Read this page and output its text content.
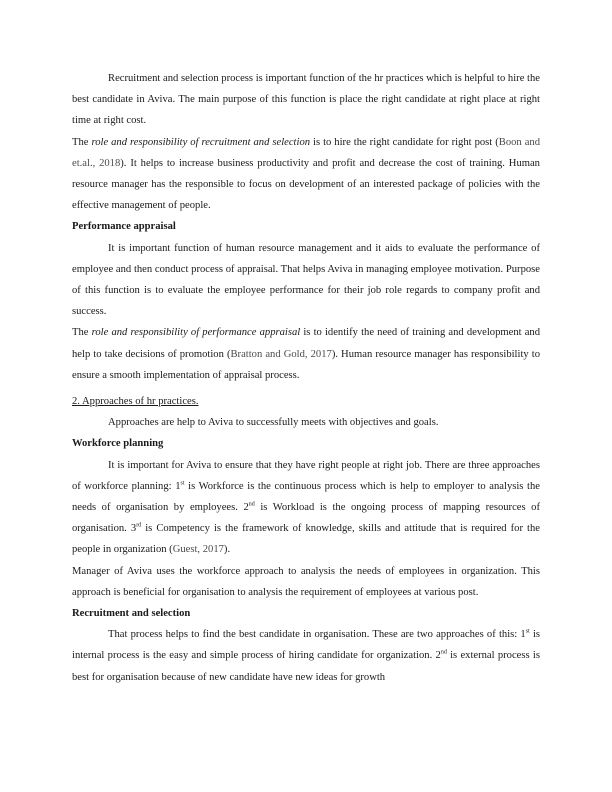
Recruitment and selection process is important function of the hr practices which is helpful to hire the best candidate in Aviva. The main purpose of this function is place the right candidate at right place at right time at right cost.

The role and responsibility of recruitment and selection is to hire the right candidate for right post (Boon and et.al., 2018). It helps to increase business productivity and profit and decrease the cost of training. Human resource manager has the responsible to focus on development of an interested package of policies with the effective management of people.

Performance appraisal

It is important function of human resource management and it aids to evaluate the performance of employee and then conduct process of appraisal. That helps Aviva in managing employee motivation. Purpose of this function is to evaluate the employee performance for their job role regards to company profit and success.

The role and responsibility of performance appraisal is to identify the need of training and development and help to take decisions of promotion (Bratton and Gold, 2017). Human resource manager has responsibility to ensure a smooth implementation of appraisal process.

2. Approaches of hr practices.

Approaches are help to Aviva to successfully meets with objectives and goals.

Workforce planning

It is important for Aviva to ensure that they have right people at right job. There are three approaches of workforce planning: 1st is Workforce is the continuous process which is help to employer to analysis the needs of organisation by employees. 2nd is Workload is the ongoing process of mapping resources of organisation. 3rd is Competency is the framework of knowledge, skills and attitude that is required for the people in organization (Guest, 2017).

Manager of Aviva uses the workforce approach to analysis the needs of employees in organization. This approach is beneficial for organisation to analysis the requirement of employees at various post.

Recruitment and selection

That process helps to find the best candidate in organisation. These are two approaches of this: 1st is internal process is the easy and simple process of hiring candidate for organization. 2nd is external process is best for organisation because of new candidate have new ideas for growth
